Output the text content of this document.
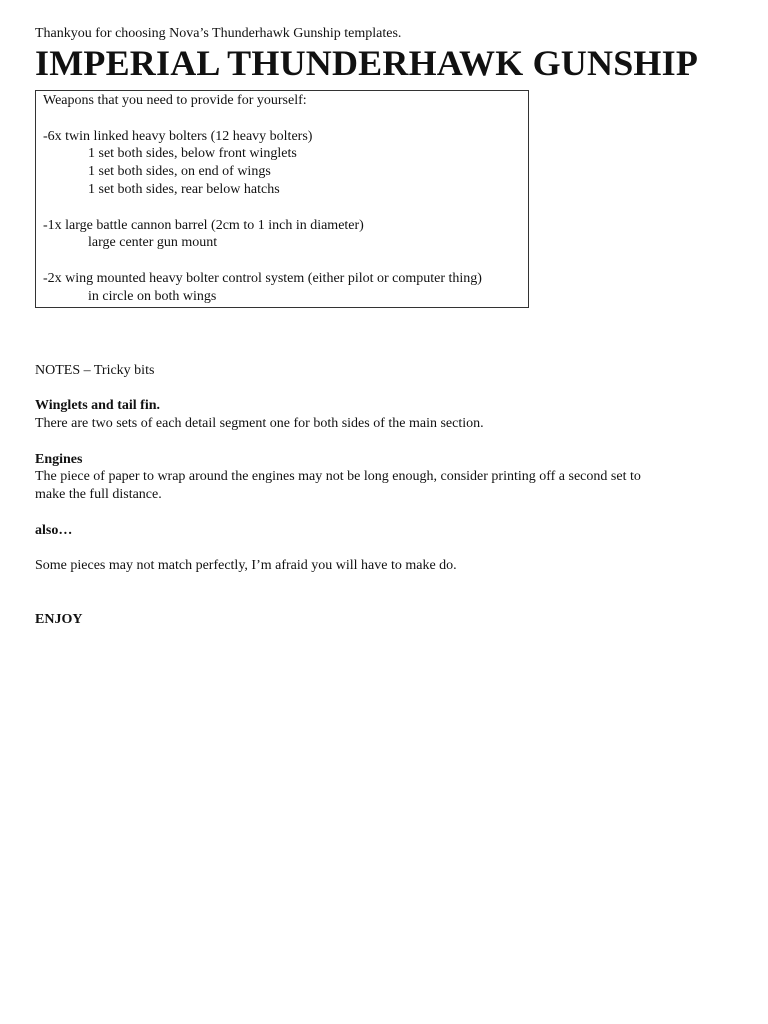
Thankyou for choosing Nova’s Thunderhawk Gunship templates.

IMPERIAL THUNDERHAWK GUNSHIP

Weapons that you need to provide for yourself:

-6x twin linked heavy bolters (12 heavy bolters)

1 set both sides, below front winglets

1 set both sides, on end of wings

1 set both sides, rear below hatchs

-1x large battle cannon barrel (2cm to 1 inch in diameter)

large center gun mount

-2x wing mounted heavy bolter control system (either pilot or computer thing)

in circle on both wings

NOTES – Tricky bits

Winglets and tail fin.

There are two sets of each detail segment one for both sides of the main section.

Engines

The piece of paper to wrap around the engines may not be long enough, consider printing off a second set to

make the full distance.

also…

Some pieces may not match perfectly, I’m afraid you will have to make do.

ENJOY
